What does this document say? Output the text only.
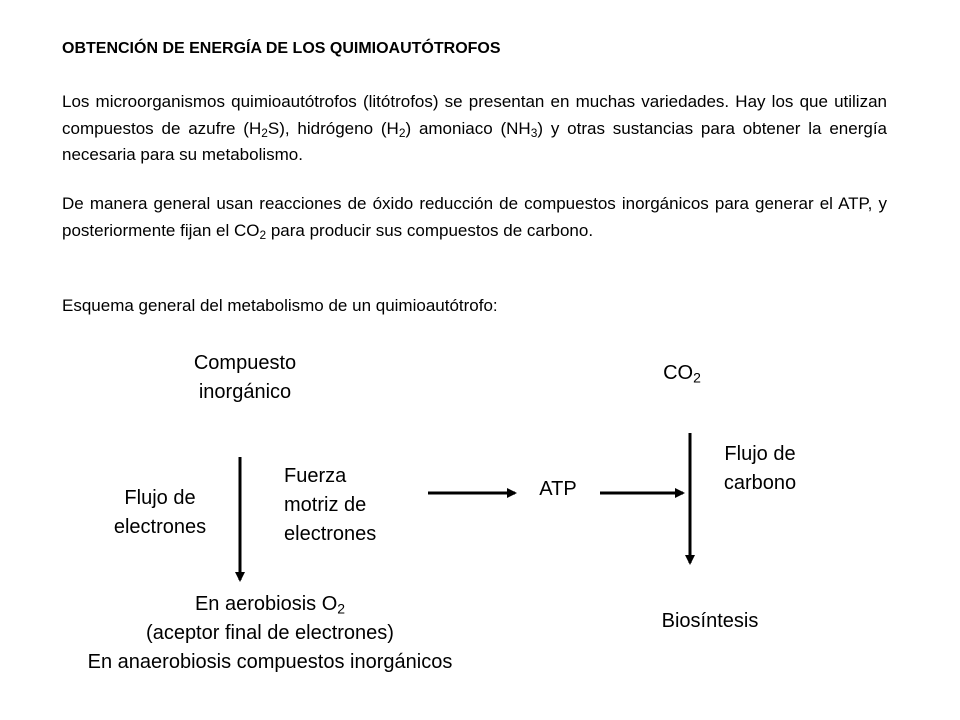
OBTENCIÓN DE ENERGÍA DE LOS QUIMIOAUTÓTROFOS

Los microorganismos quimioautótrofos (litótrofos) se presentan en muchas variedades. Hay los que utilizan compuestos de azufre $(H_2S)$, hidrógeno $(H_2)$ amoniaco $(NH_3)$ y otras sustancias para obtener la energía necesaria para su metabolismo.

De manera general usan reacciones de óxido reducción de compuestos inorgánicos para generar el ATP, y posteriormente fijan el $CO_2$ para producir sus compuestos de carbono.

Esquema general del metabolismo de un quimioautótrofo:

Compuesto
inorgánico
$CO_2$
Flujo de
electrones
Fuerza
motriz de
electrones
ATP
Flujo de
carbono
En aerobiosis $O_2$
(aceptor final de electrones)
En anaerobiosis compuestos inorgánicos
Biosíntesis
